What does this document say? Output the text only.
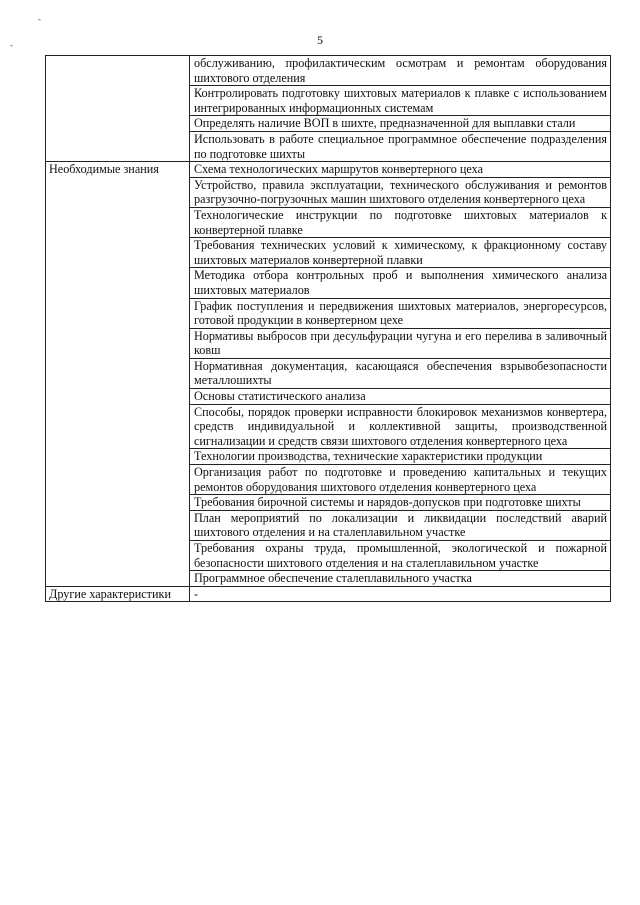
5
-
-
	обслуживанию, профилактическим осмотрам и ремонтам оборудования шихтового отделения
	Контролировать подготовку шихтовых материалов к плавке с использованием интегрированных информационных системам
	Определять наличие ВОП в шихте, предназначенной для выплавки стали
	Использовать в работе специальное программное обеспечение подразделения по подготовке шихты
Необходимые знания	Схема технологических маршрутов конвертерного цеха
	Устройство, правила эксплуатации, технического обслуживания и ремонтов разгрузочно-погрузочных машин шихтового отделения конвертерного цеха
	Технологические инструкции по подготовке шихтовых материалов к конвертерной плавке
	Требования технических условий к химическому, к фракционному составу шихтовых материалов конвертерной плавки
	Методика отбора контрольных проб и выполнения химического анализа шихтовых материалов
	График поступления и передвижения шихтовых материалов, энергоресурсов, готовой продукции в конвертерном цехе
	Нормативы выбросов при десульфурации чугуна и его перелива в заливочный ковш
	Нормативная документация, касающаяся обеспечения взрывобезопасности металлошихты
	Основы статистического анализа
	Способы, порядок проверки исправности блокировок механизмов конвертера, средств индивидуальной и коллективной защиты, производственной сигнализации и средств связи шихтового отделения конвертерного цеха
	Технологии производства, технические характеристики продукции
	Организация работ по подготовке и проведению капитальных и текущих ремонтов оборудования шихтового отделения конвертерного цеха
	Требования бирочной системы и нарядов-допусков при подготовке шихты
	План мероприятий по локализации и ликвидации последствий аварий шихтового отделения и на сталеплавильном участке
	Требования охраны труда, промышленной, экологической и пожарной безопасности шихтового отделения и на сталеплавильном участке
	Программное обеспечение сталеплавильного участка
Другие характеристики	-
